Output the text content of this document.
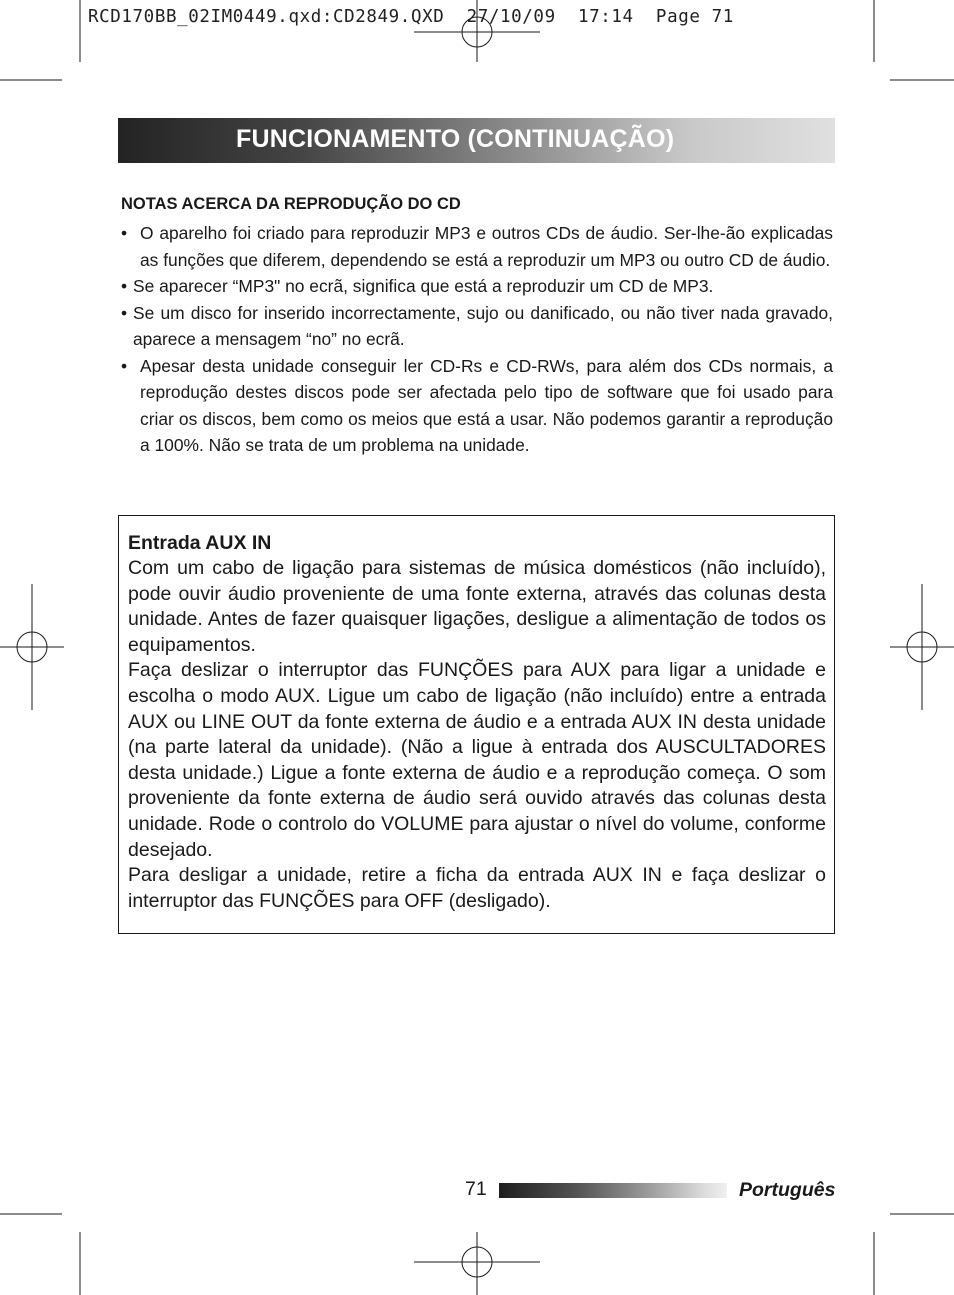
RCD170BB_02IM0449.qxd:CD2849.QXD  27/10/09  17:14  Page 71
FUNCIONAMENTO (CONTINUAÇÃO)
NOTAS ACERCA DA REPRODUÇÃO DO CD

• O aparelho foi criado para reproduzir MP3 e outros CDs de áudio. Ser-lhe-ão explicadas as funções que diferem, dependendo se está a reproduzir um MP3 ou outro CD de áudio.

• Se aparecer “MP3" no ecrã, significa que está a reproduzir um CD de MP3.

• Se um disco for inserido incorrectamente, sujo ou danificado, ou não tiver nada gravado, aparece a mensagem “no” no ecrã.

• Apesar desta unidade conseguir ler CD-Rs e CD-RWs, para além dos CDs normais, a reprodução destes discos pode ser afectada pelo tipo de software que foi usado para criar os discos, bem como os meios que está a usar. Não podemos garantir a reprodução a 100%. Não se trata de um problema na unidade.

Entrada AUX IN

Com um cabo de ligação para sistemas de música domésticos (não incluído), pode ouvir áudio proveniente de uma fonte externa, através das colunas desta unidade. Antes de fazer quaisquer ligações, desligue a alimentação de todos os equipamentos.

Faça deslizar o interruptor das FUNÇÕES para AUX para ligar a unidade e escolha o modo AUX. Ligue um cabo de ligação (não incluído) entre a entrada AUX ou LINE OUT da fonte externa de áudio e a entrada AUX IN desta unidade (na parte lateral da unidade). (Não a ligue à entrada dos AUSCULTADORES desta unidade.) Ligue a fonte externa de áudio e a reprodução começa. O som proveniente da fonte externa de áudio será ouvido através das colunas desta unidade. Rode o controlo do VOLUME para ajustar o nível do volume, conforme desejado.

Para desligar a unidade, retire a ficha da entrada AUX IN e faça deslizar o interruptor das FUNÇÕES para OFF (desligado).

71	Português
